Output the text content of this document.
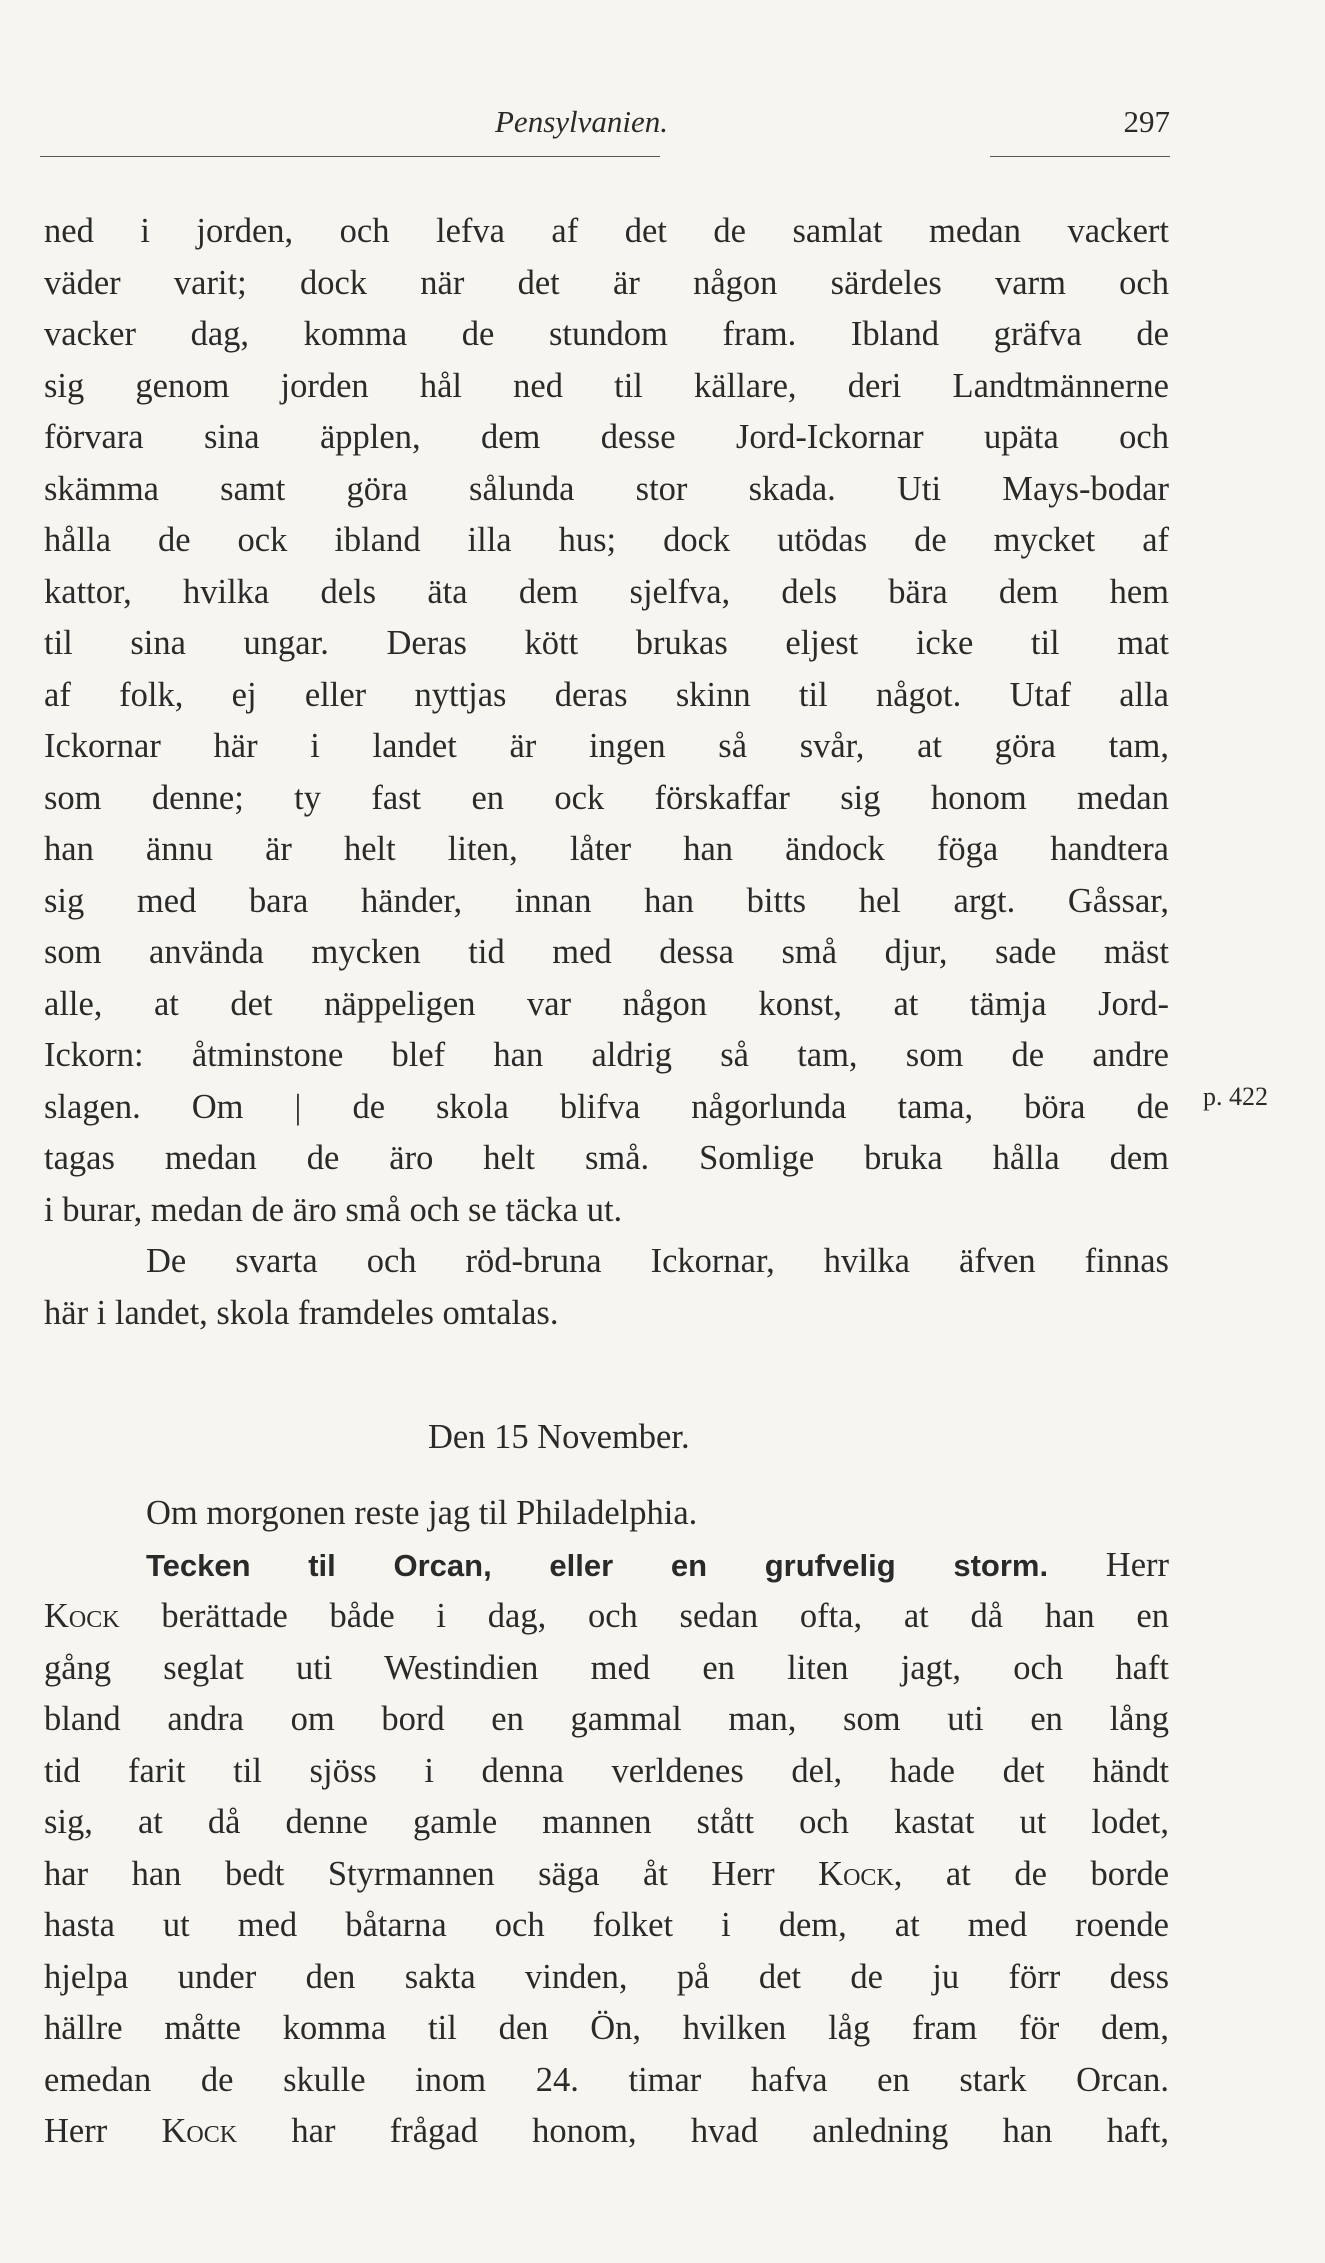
Pensylvanien.	297

ned i jorden, och lefva af det de samlat medan vackert

väder varit; dock när det är någon särdeles varm och

vacker dag, komma de stundom fram. Ibland gräfva de

sig genom jorden hål ned til källare, deri Landtmännerne

förvara sina äpplen, dem desse Jord-Ickornar upäta och

skämma samt göra sålunda stor skada. Uti Mays-bodar

hålla de ock ibland illa hus; dock utödas de mycket af

kattor, hvilka dels äta dem sjelfva, dels bära dem hem

til sina ungar. Deras kött brukas eljest icke til mat

af folk, ej eller nyttjas deras skinn til något. Utaf alla

Ickornar här i landet är ingen så svår, at göra tam,

som denne; ty fast en ock förskaffar sig honom medan

han ännu är helt liten, låter han ändock föga handtera

sig med bara händer, innan han bitts hel argt. Gåssar,

som använda mycken tid med dessa små djur, sade mäst

alle, at det näppeligen var någon konst, at tämja Jord-

Ickorn: åtminstone blef han aldrig så tam, som de andre

slagen. Om | de skola blifva någorlunda tama, böra de

tagas medan de äro helt små. Somlige bruka hålla dem

i burar, medan de äro små och se täcka ut.

De svarta och röd-bruna Ickornar, hvilka äfven finnas

här i landet, skola framdeles omtalas.

p. 422
Den 15 November.

Om morgonen reste jag til Philadelphia.

Tecken til Orcan, eller en grufvelig storm. Herr

Kock berättade både i dag, och sedan ofta, at då han en

gång seglat uti Westindien med en liten jagt, och haft

bland andra om bord en gammal man, som uti en lång

tid farit til sjöss i denna verldenes del, hade det händt

sig, at då denne gamle mannen stått och kastat ut lodet,

har han bedt Styrmannen säga åt Herr Kock, at de borde

hasta ut med båtarna och folket i dem, at med roende

hjelpa under den sakta vinden, på det de ju förr dess

hällre måtte komma til den Ön, hvilken låg fram för dem,

emedan de skulle inom 24. timar hafva en stark Orcan.

Herr Kock har frågad honom, hvad anledning han haft,
